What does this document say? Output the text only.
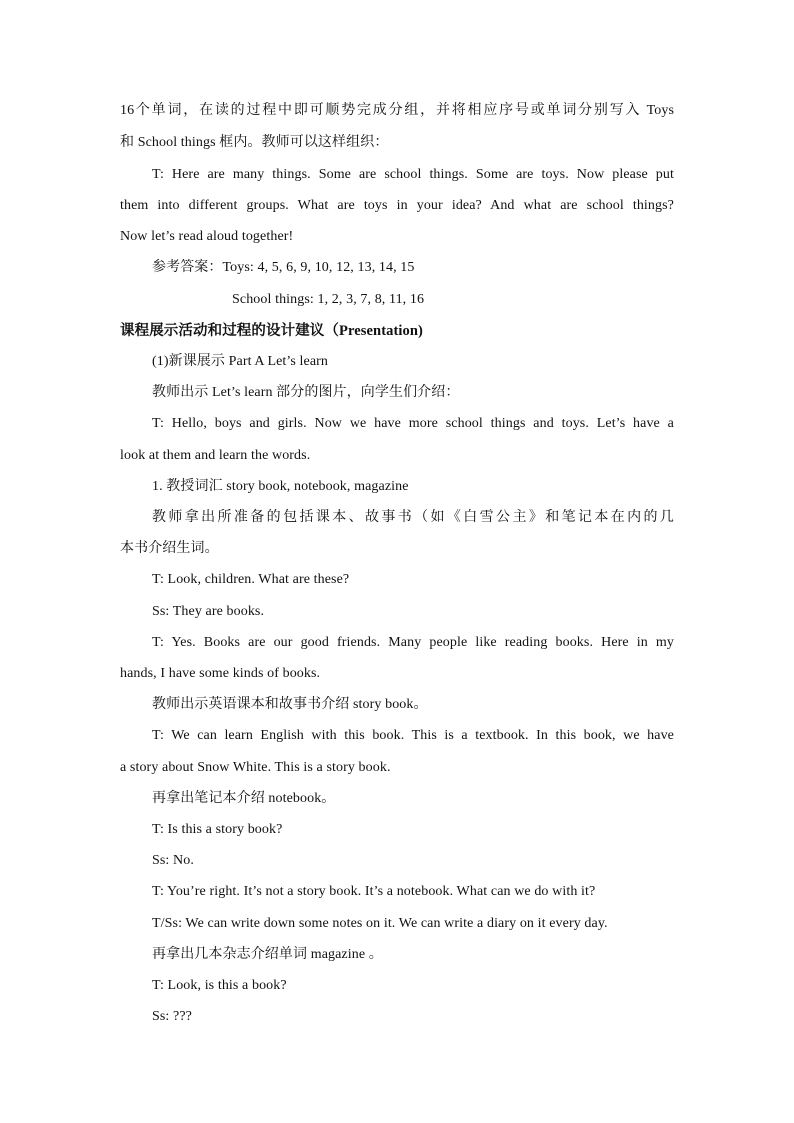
16个单词，在读的过程中即可顺势完成分组，并将相应序号或单词分别写入 Toys
和 School things 框内。教师可以这样组织：
T: Here are many things. Some are school things. Some are toys. Now please put
them into different groups. What are toys in your idea? And what are school things?
Now let’s read aloud together!
参考答案：Toys: 4, 5, 6, 9, 10, 12, 13, 14, 15
School things: 1, 2, 3, 7, 8, 11, 16
课程展示活动和过程的设计建议（Presentation)
(1)新课展示 Part A Let’s learn
教师出示 Let’s learn 部分的图片，向学生们介绍：
T: Hello, boys and girls. Now we have more school things and toys. Let’s have a
look at them and learn the words.
1. 教授词汇 story book, notebook, magazine
教师拿出所准备的包括课本、故事书（如《白雪公主》和笔记本在内的几
本书介绍生词。
T: Look, children. What are these?
Ss: They are books.
T: Yes. Books are our good friends. Many people like reading books. Here in my
hands, I have some kinds of books.
教师出示英语课本和故事书介绍 story book。
T: We can learn English with this book. This is a textbook. In this book, we have
a story about Snow White. This is a story book.
再拿出笔记本介绍 notebook。
T: Is this a story book?
Ss: No.
T: You’re right. It’s not a story book. It’s a notebook. What can we do with it?
T/Ss: We can write down some notes on it. We can write a diary on it every day.
再拿出几本杂志介绍单词 magazine 。
T: Look, is this a book?
Ss: ???
